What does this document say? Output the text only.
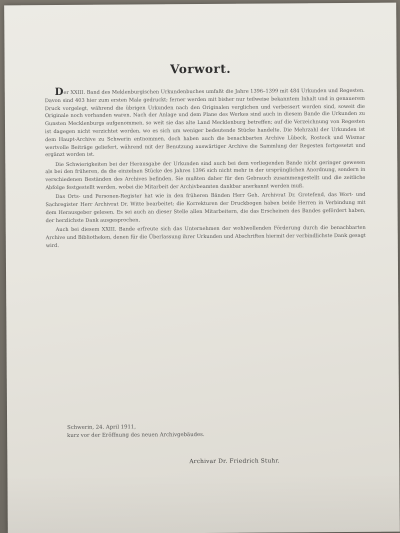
Vorwort.

Der XXIII. Band des Meklenburgischen Urkundenbuches umfaßt die Jahre 1396–1399 mit 484 Urkunden und Regesten. Davon sind 403 hier zum ersten Male gedruckt; ferner werden mit bisher nur teilweise bekanntem Inhalt und in genauerem Druck vorgelegt, während die übrigen Urkunden nach den Originalen verglichen und verbessert worden sind, soweit die Originale noch vorhanden waren. Nach der Anlage und dem Plane des Werkes sind auch in diesem Bande die Urkunden zu Gunsten Mecklenburgs aufgenommen, so weit sie das alte Land Mecklenburg betreffen; auf die Verzeichnung von Regesten ist dagegen nicht verzichtet worden, wo es sich um weniger bedeutende Stücke handelte. Die Mehrzahl der Urkunden ist dem Haupt-Archive zu Schwerin entnommen, doch haben auch die benachbarten Archive Lübeck, Rostock und Wismar wertvolle Beiträge geliefert, während mit der Benutzung auswärtiger Archive die Sammlung der Regesten fortgesetzt und ergänzt worden ist.

Die Schwierigkeiten bei der Herausgabe der Urkunden sind auch bei dem vorliegenden Bande nicht geringer gewesen als bei den früheren, da die einzelnen Stücke des Jahres 1396 sich nicht mehr in der ursprünglichen Anordnung, sondern in verschiedenen Beständen des Archives befinden. Sie mußten daher für den Gebrauch zusammengestellt und die zeitliche Abfolge festgestellt werden, wobei die Mitarbeit der Archivbeamten dankbar anerkannt werden muß.

Das Orts- und Personen-Register hat wie in den früheren Bänden Herr Geh. Archivrat Dr. Grotefend, das Wort- und Sachregister Herr Archivrat Dr. Witte bearbeitet; die Korrekturen der Druckbogen haben beide Herren in Verbindung mit dem Herausgeber gelesen. Es sei auch an dieser Stelle allen Mitarbeitern, die das Erscheinen des Bandes gefördert haben, der herzlichste Dank ausgesprochen.

Auch bei diesem XXIII. Bande erfreute sich das Unternehmen der wohlwollenden Förderung durch die benachbarten Archive und Bibliotheken, denen für die Überlassung ihrer Urkunden und Abschriften hiermit der verbindlichste Dank gesagt wird.

Schwerin, 24. April 1911,
kurz vor der Eröffnung des neuen Archivgebäudes.
Archivar Dr. Friedrich Stuhr.
